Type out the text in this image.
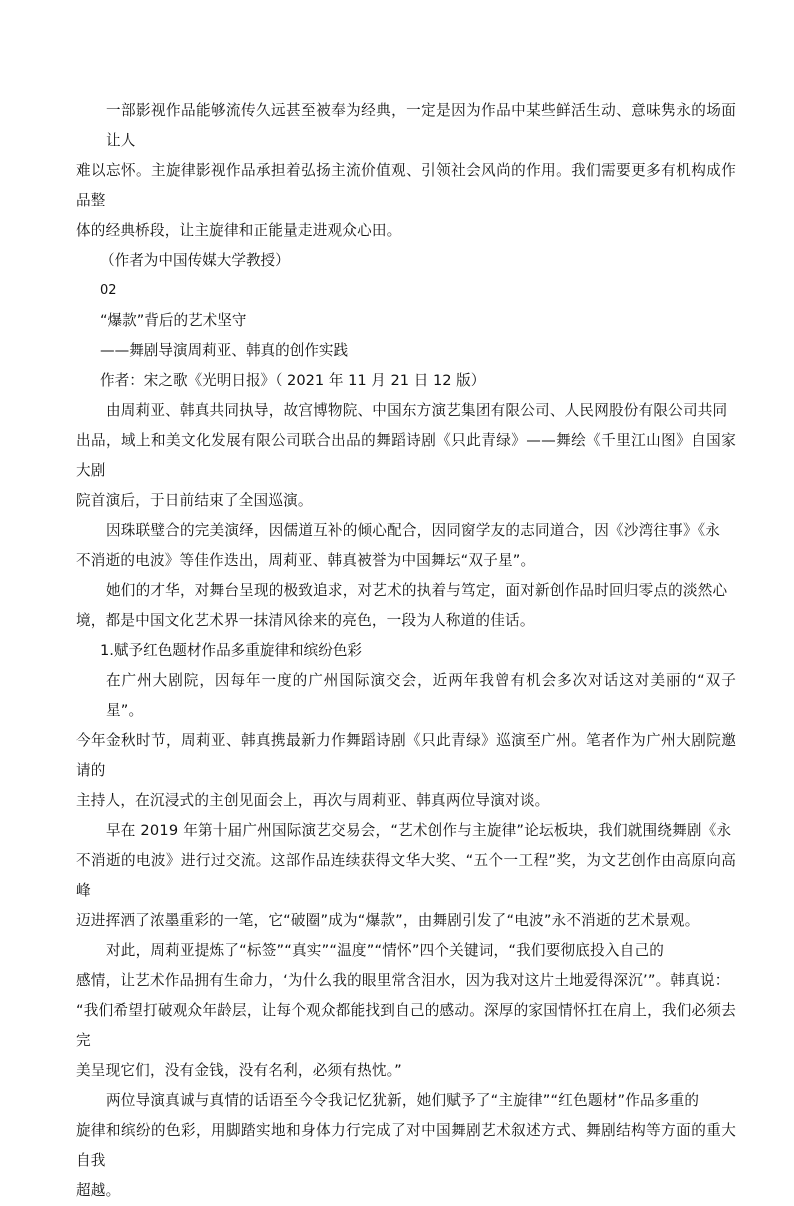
一部影视作品能够流传久远甚至被奉为经典，一定是因为作品中某些鲜活生动、意味隽永的场面让人
难以忘怀。主旋律影视作品承担着弘扬主流价值观、引领社会风尚的作用。我们需要更多有机构成作品整
体的经典桥段，让主旋律和正能量走进观众心田。

（作者为中国传媒大学教授）

02

“爆款”背后的艺术坚守

——舞剧导演周莉亚、韩真的创作实践

作者：宋之歌《光明日报》（ 2021 年 11 月 21 日 12 版）

由周莉亚、韩真共同执导，故宫博物院、中国东方演艺集团有限公司、人民网股份有限公司共同
出品，域上和美文化发展有限公司联合出品的舞蹈诗剧《只此青绿》——舞绘《千里江山图》自国家大剧
院首演后，于日前结束了全国巡演。

因珠联璧合的完美演绎，因儒道互补的倾心配合，因同窗学友的志同道合，因《沙湾往事》《永
不消逝的电波》等佳作迭出，周莉亚、韩真被誉为中国舞坛“双子星”。

她们的才华，对舞台呈现的极致追求，对艺术的执着与笃定，面对新创作品时回归零点的淡然心
境，都是中国文化艺术界一抹清风徐来的亮色，一段为人称道的佳话。

1.赋予红色题材作品多重旋律和缤纷色彩

在广州大剧院，因每年一度的广州国际演交会，近两年我曾有机会多次对话这对美丽的“双子星”。
今年金秋时节，周莉亚、韩真携最新力作舞蹈诗剧《只此青绿》巡演至广州。笔者作为广州大剧院邀请的
主持人，在沉浸式的主创见面会上，再次与周莉亚、韩真两位导演对谈。

早在 2019 年第十届广州国际演艺交易会，“艺术创作与主旋律”论坛板块，我们就围绕舞剧《永
不消逝的电波》进行过交流。这部作品连续获得文华大奖、“五个一工程”奖，为文艺创作由高原向高峰
迈进挥洒了浓墨重彩的一笔，它“破圈”成为“爆款”，由舞剧引发了“电波”永不消逝的艺术景观。

对此，周莉亚提炼了“标签”“真实”“温度”“情怀”四个关键词，“我们要彻底投入自己的
感情，让艺术作品拥有生命力，‘为什么我的眼里常含泪水，因为我对这片土地爱得深沉’”。韩真说：
“我们希望打破观众年龄层，让每个观众都能找到自己的感动。深厚的家国情怀扛在肩上，我们必须去完
美呈现它们，没有金钱，没有名利，必须有热忱。”

两位导演真诚与真情的话语至今令我记忆犹新，她们赋予了“主旋律”“红色题材”作品多重的
旋律和缤纷的色彩，用脚踏实地和身体力行完成了对中国舞剧艺术叙述方式、舞剧结构等方面的重大自我
超越。
